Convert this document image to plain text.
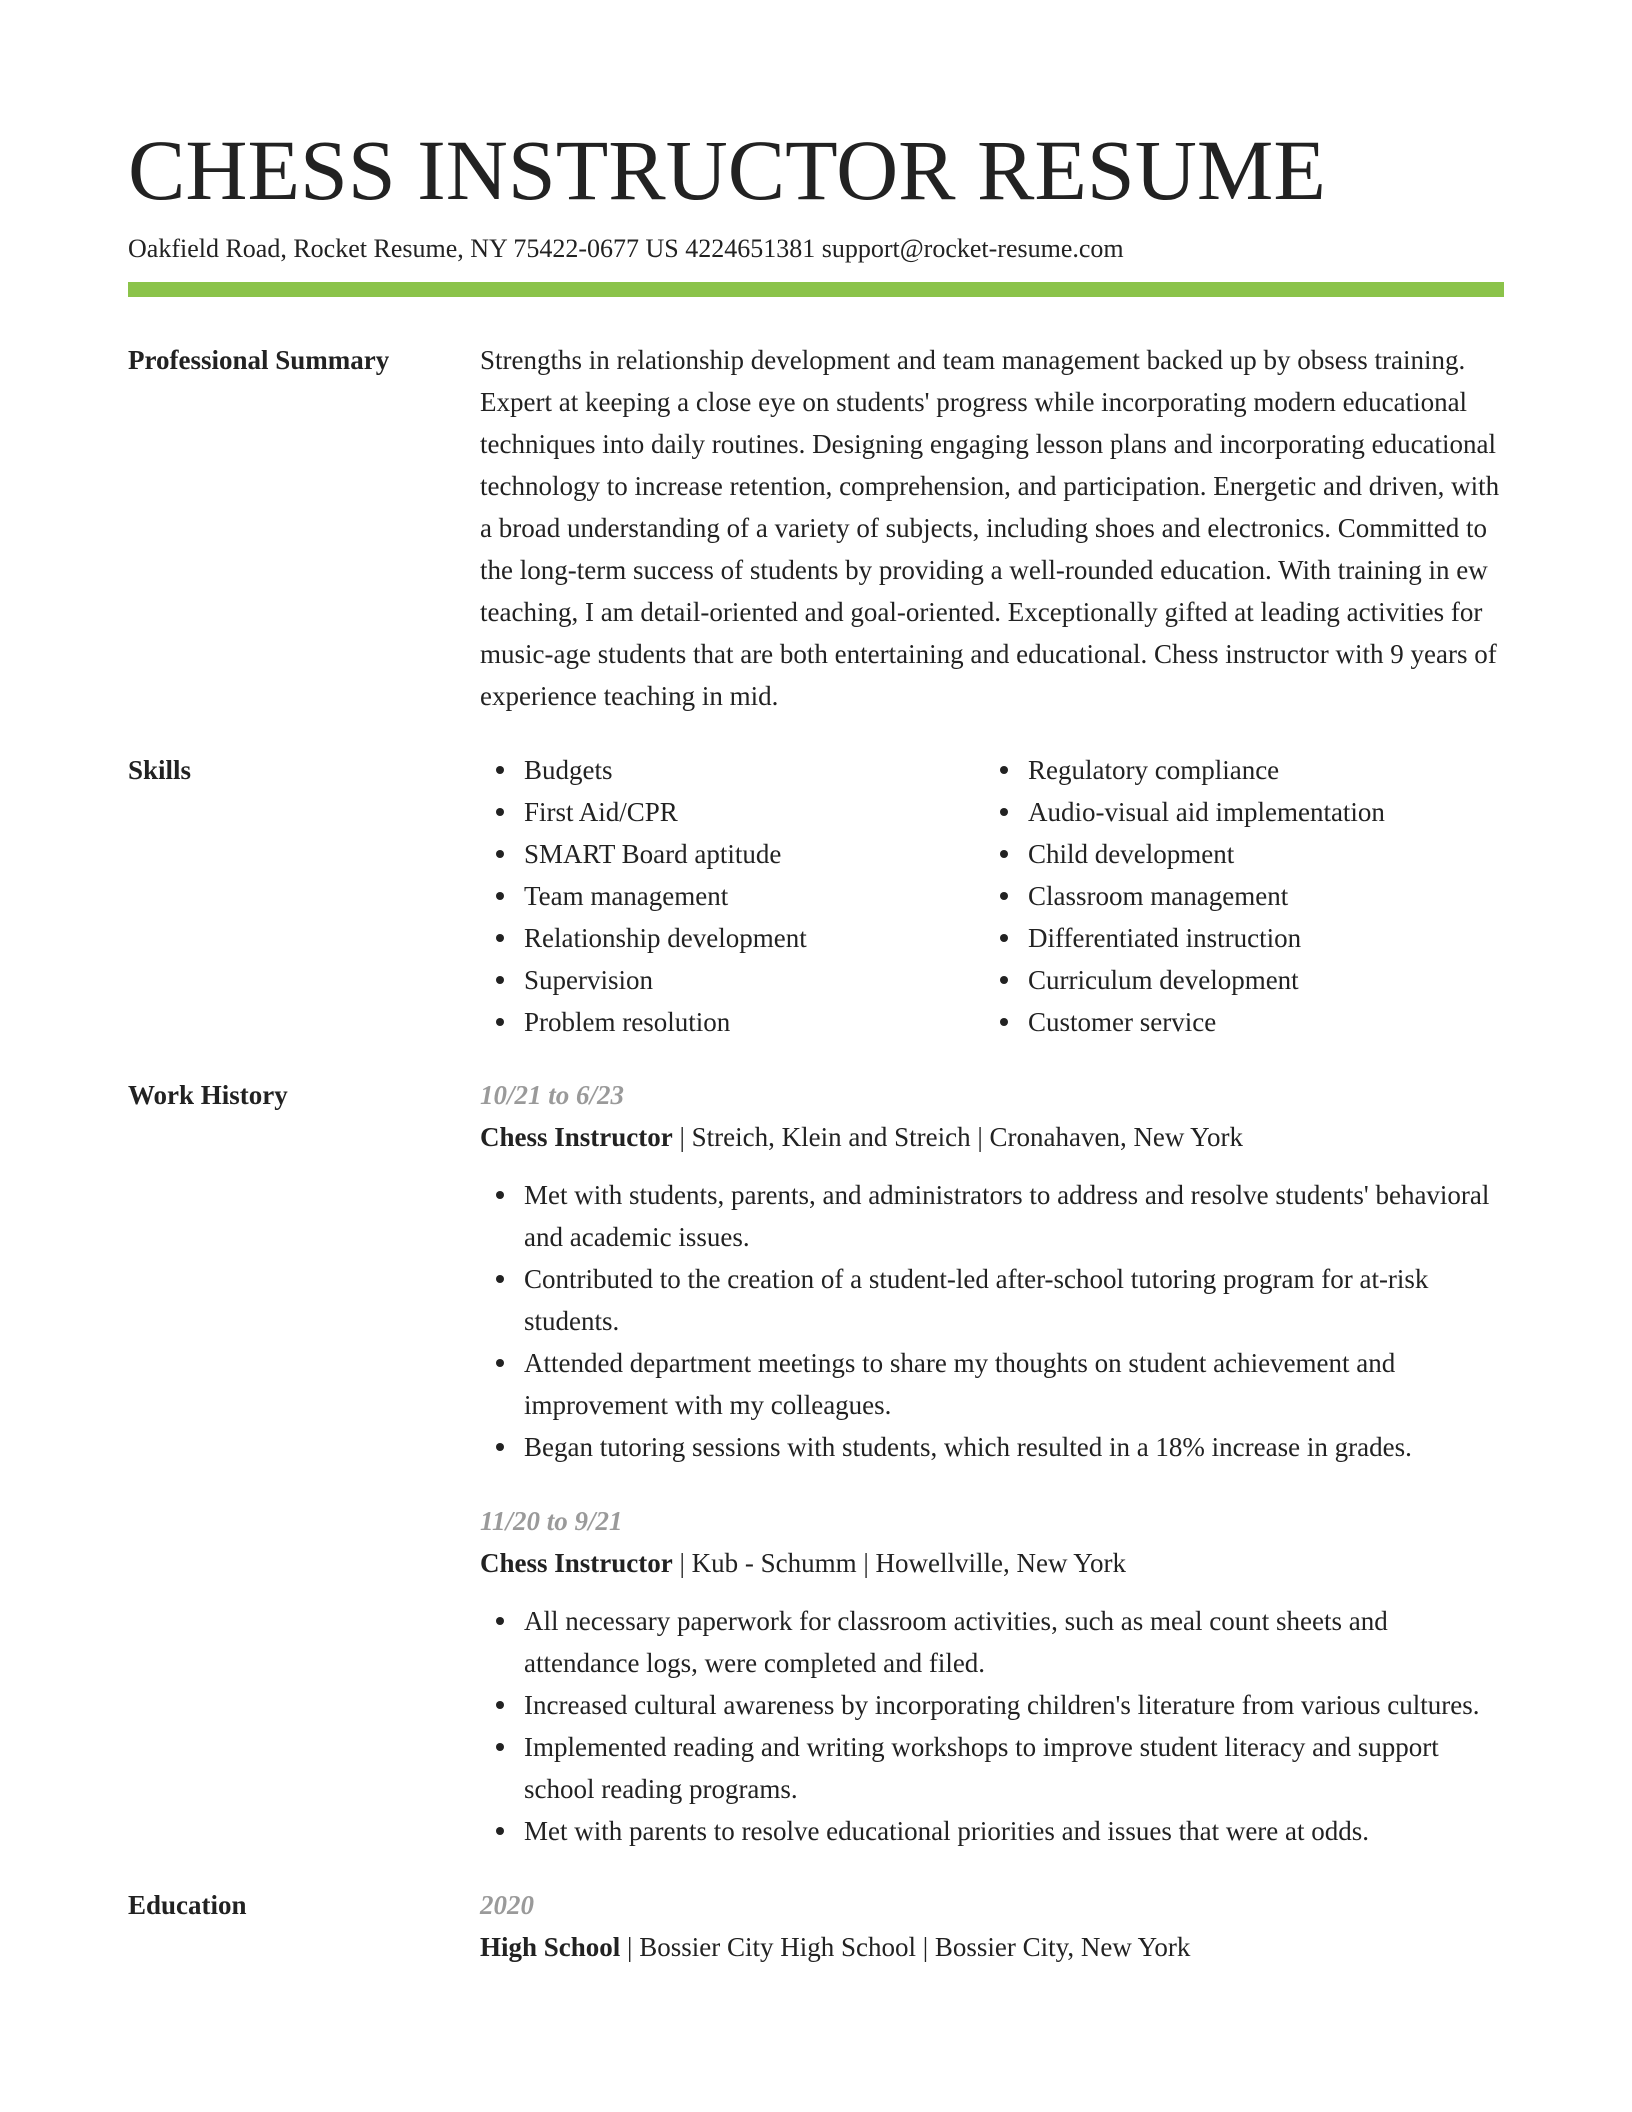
CHESS INSTRUCTOR RESUME
Oakfield Road, Rocket Resume, NY 75422-0677 US 4224651381 support@rocket-resume.com
Professional Summary	Strengths in relationship development and team management backed up by obsess training. Expert at keeping a close eye on students' progress while incorporating modern educational techniques into daily routines. Designing engaging lesson plans and incorporating educational technology to increase retention, comprehension, and participation. Energetic and driven, with a broad understanding of a variety of subjects, including shoes and electronics. Committed to the long-term success of students by providing a well-rounded education. With training in ew teaching, I am detail-oriented and goal-oriented. Exceptionally gifted at leading activities for music-age students that are both entertaining and educational. Chess instructor with 9 years of experience teaching in mid.

Skills	Budgets
First Aid/CPR
SMART Board aptitude
Team management
Relationship development
Supervision
Problem resolution
Regulatory compliance
Audio-visual aid implementation
Child development
Classroom management
Differentiated instruction
Curriculum development
Customer service
Work History	10/21 to 6/23
Chess Instructor | Streich, Klein and Streich | Cronahaven, New York
Met with students, parents, and administrators to address and resolve students' behavioral and academic issues.
Contributed to the creation of a student-led after-school tutoring program for at-risk students.
Attended department meetings to share my thoughts on student achievement and improvement with my colleagues.
Began tutoring sessions with students, which resulted in a 18% increase in grades.
11/20 to 9/21
Chess Instructor | Kub - Schumm | Howellville, New York
All necessary paperwork for classroom activities, such as meal count sheets and attendance logs, were completed and filed.
Increased cultural awareness by incorporating children's literature from various cultures.
Implemented reading and writing workshops to improve student literacy and support school reading programs.
Met with parents to resolve educational priorities and issues that were at odds.
Education	2020
High School | Bossier City High School | Bossier City, New York
